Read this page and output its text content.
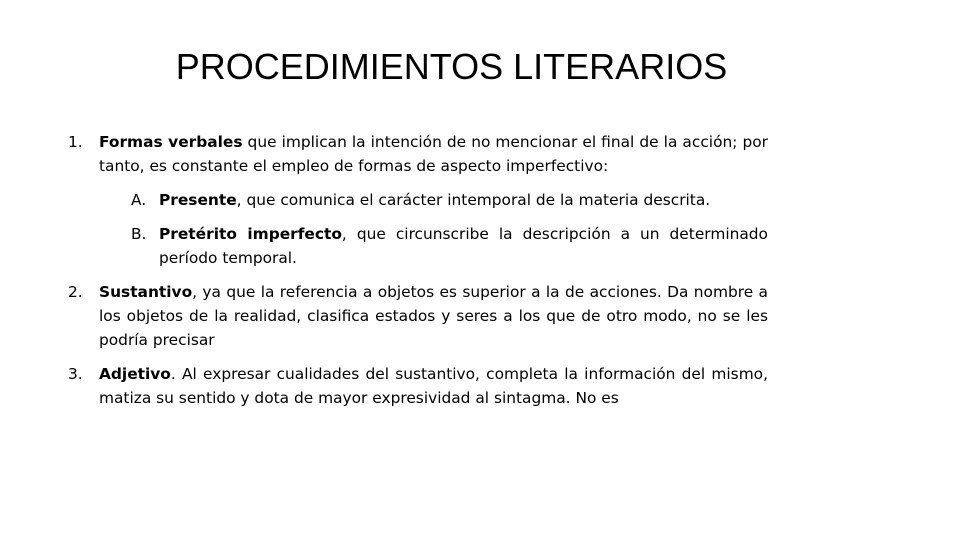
PROCEDIMIENTOS LITERARIOS
1.	Formas verbales que implican la intención de no mencionar el final de la acción; por tanto, es constante el empleo de formas de aspecto imperfectivo:
A. Presente, que comunica el carácter intemporal de la materia descrita.
B. Pretérito imperfecto, que circunscribe la descripción a un determinado período temporal.
2.	Sustantivo, ya que la referencia a objetos es superior a la de acciones. Da nombre a los objetos de la realidad, clasifica estados y seres a los que de otro modo, no se les podría precisar
3.	Adjetivo. Al expresar cualidades del sustantivo, completa la información del mismo, matiza su sentido y dota de mayor expresividad al sintagma. No es
